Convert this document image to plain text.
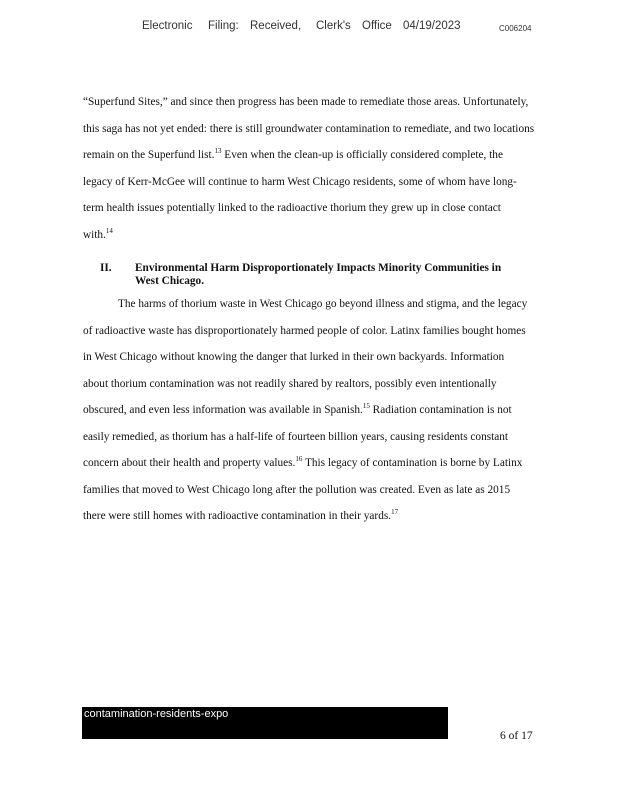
Electronic Filing: Received, Clerk's Office 04/19/2023	C006204
“Superfund Sites,” and since then progress has been made to remediate those areas. Unfortunately,
this saga has not yet ended: there is still groundwater contamination to remediate, and two locations
remain on the Superfund list.$^{13}$ Even when the clean-up is officially considered complete, the
legacy of Kerr-McGee will continue to harm West Chicago residents, some of whom have long-
term health issues potentially linked to the radioactive thorium they grew up in close contact
with.$^{14}$
II. Environmental Harm Disproportionately Impacts Minority Communities in
West Chicago.
The harms of thorium waste in West Chicago go beyond illness and stigma, and the legacy
of radioactive waste has disproportionately harmed people of color. Latinx families bought homes
in West Chicago without knowing the danger that lurked in their own backyards. Information
about thorium contamination was not readily shared by realtors, possibly even intentionally
obscured, and even less information was available in Spanish.$^{15}$ Radiation contamination is not
easily remedied, as thorium has a half-life of fourteen billion years, causing residents constant
concern about their health and property values.$^{16}$ This legacy of contamination is borne by Latinx
families that moved to West Chicago long after the pollution was created. Even as late as 2015
there were still homes with radioactive contamination in their yards.$^{17}$
contamination-residents-expo
6 of 17
